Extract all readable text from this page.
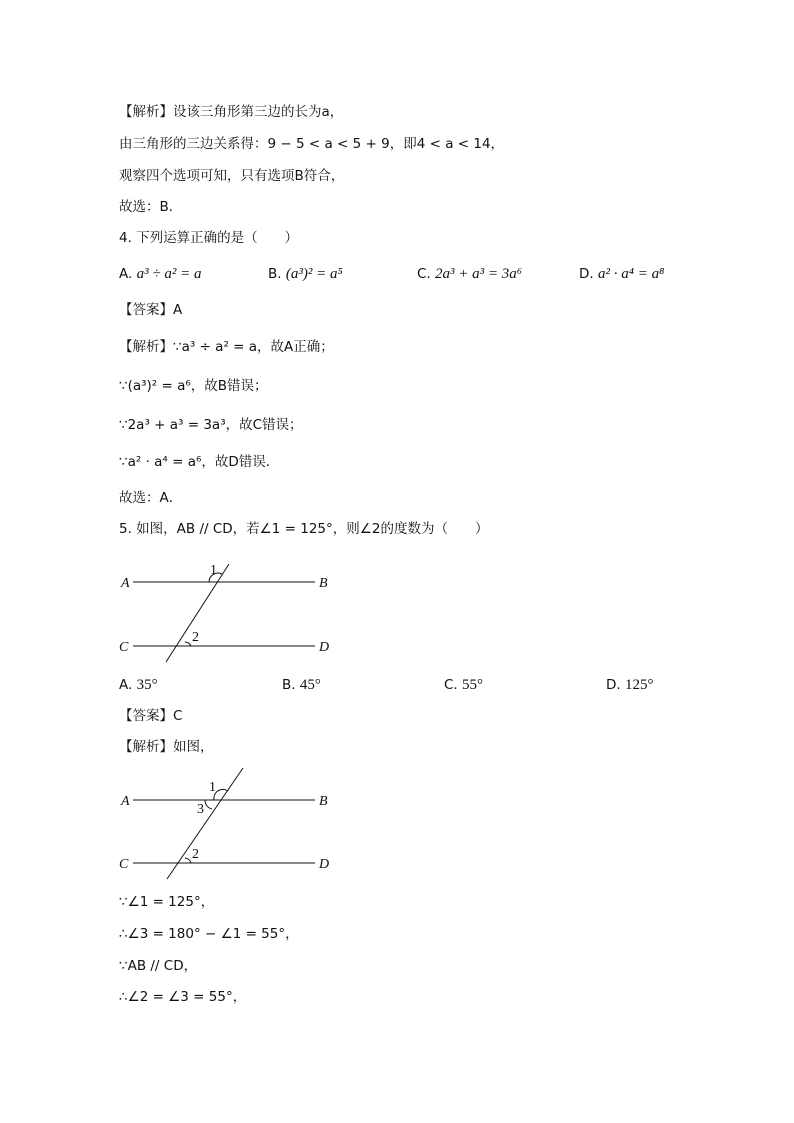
【解析】设该三角形第三边的长为a，
由三角形的三边关系得：9 − 5 < a < 5 + 9，即4 < a < 14，
观察四个选项可知，只有选项B符合，
故选：B．
4. 下列运算正确的是（　　）
A. a³ ÷ a² = a	B. (a³)² = a⁵	C. 2a³ + a³ = 3a⁶	D. a² · a⁴ = a⁸
【答案】A
【解析】∵a³ ÷ a² = a，故A正确；
∵(a³)² = a⁶，故B错误；
∵2a³ + a³ = 3a³，故C错误；
∵a² · a⁴ = a⁶，故D错误．
故选：A．
5. 如图，AB // CD，若∠1 = 125°，则∠2的度数为（　　）
A	B
C	D
1
2
A. 35°	B. 45°	C. 55°	D. 125°
【答案】C
【解析】如图，
A	B
C	D
1
3
2
∵∠1 = 125°，
∴∠3 = 180° − ∠1 = 55°，
∵AB // CD，
∴∠2 = ∠3 = 55°，
